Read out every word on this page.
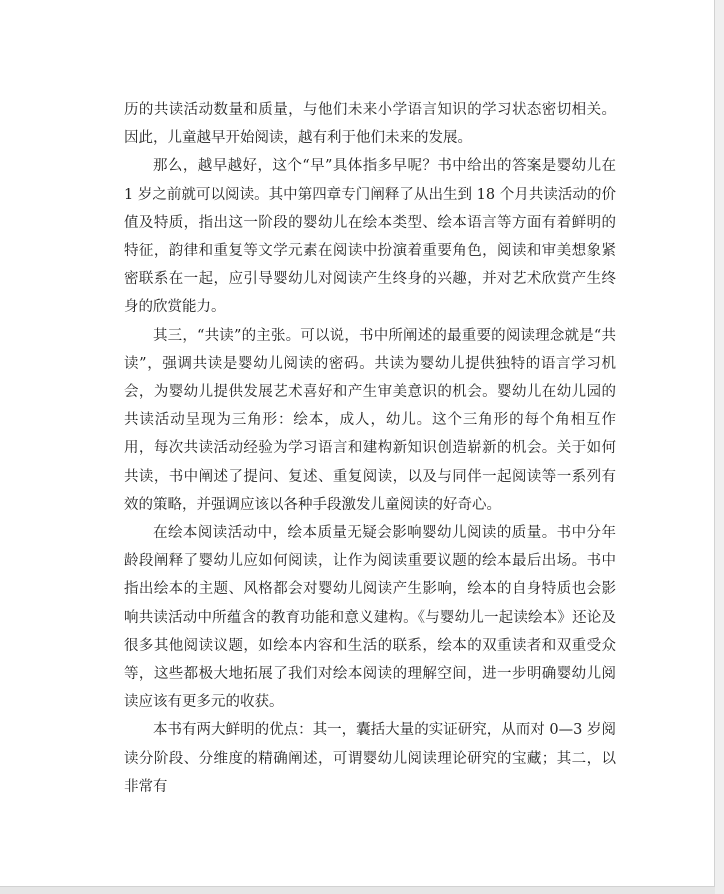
历的共读活动数量和质量，与他们未来小学语言知识的学习状态密切相关。因此，儿童越早开始阅读，越有利于他们未来的发展。

那么，越早越好，这个“早”具体指多早呢？书中给出的答案是婴幼儿在 1 岁之前就可以阅读。其中第四章专门阐释了从出生到 18 个月共读活动的价值及特质，指出这一阶段的婴幼儿在绘本类型、绘本语言等方面有着鲜明的特征，韵律和重复等文学元素在阅读中扮演着重要角色，阅读和审美想象紧密联系在一起，应引导婴幼儿对阅读产生终身的兴趣，并对艺术欣赏产生终身的欣赏能力。

其三，“共读”的主张。可以说，书中所阐述的最重要的阅读理念就是“共读”，强调共读是婴幼儿阅读的密码。共读为婴幼儿提供独特的语言学习机会，为婴幼儿提供发展艺术喜好和产生审美意识的机会。婴幼儿在幼儿园的共读活动呈现为三角形：绘本，成人，幼儿。这个三角形的每个角相互作用，每次共读活动经验为学习语言和建构新知识创造崭新的机会。关于如何共读，书中阐述了提问、复述、重复阅读，以及与同伴一起阅读等一系列有效的策略，并强调应该以各种手段激发儿童阅读的好奇心。

在绘本阅读活动中，绘本质量无疑会影响婴幼儿阅读的质量。书中分年龄段阐释了婴幼儿应如何阅读，让作为阅读重要议题的绘本最后出场。书中指出绘本的主题、风格都会对婴幼儿阅读产生影响，绘本的自身特质也会影响共读活动中所蕴含的教育功能和意义建构。《与婴幼儿一起读绘本》还论及很多其他阅读议题，如绘本内容和生活的联系，绘本的双重读者和双重受众等，这些都极大地拓展了我们对绘本阅读的理解空间，进一步明确婴幼儿阅读应该有更多元的收获。

本书有两大鲜明的优点：其一，囊括大量的实证研究，从而对 0—3 岁阅读分阶段、分维度的精确阐述，可谓婴幼儿阅读理论研究的宝藏；其二，以非常有
